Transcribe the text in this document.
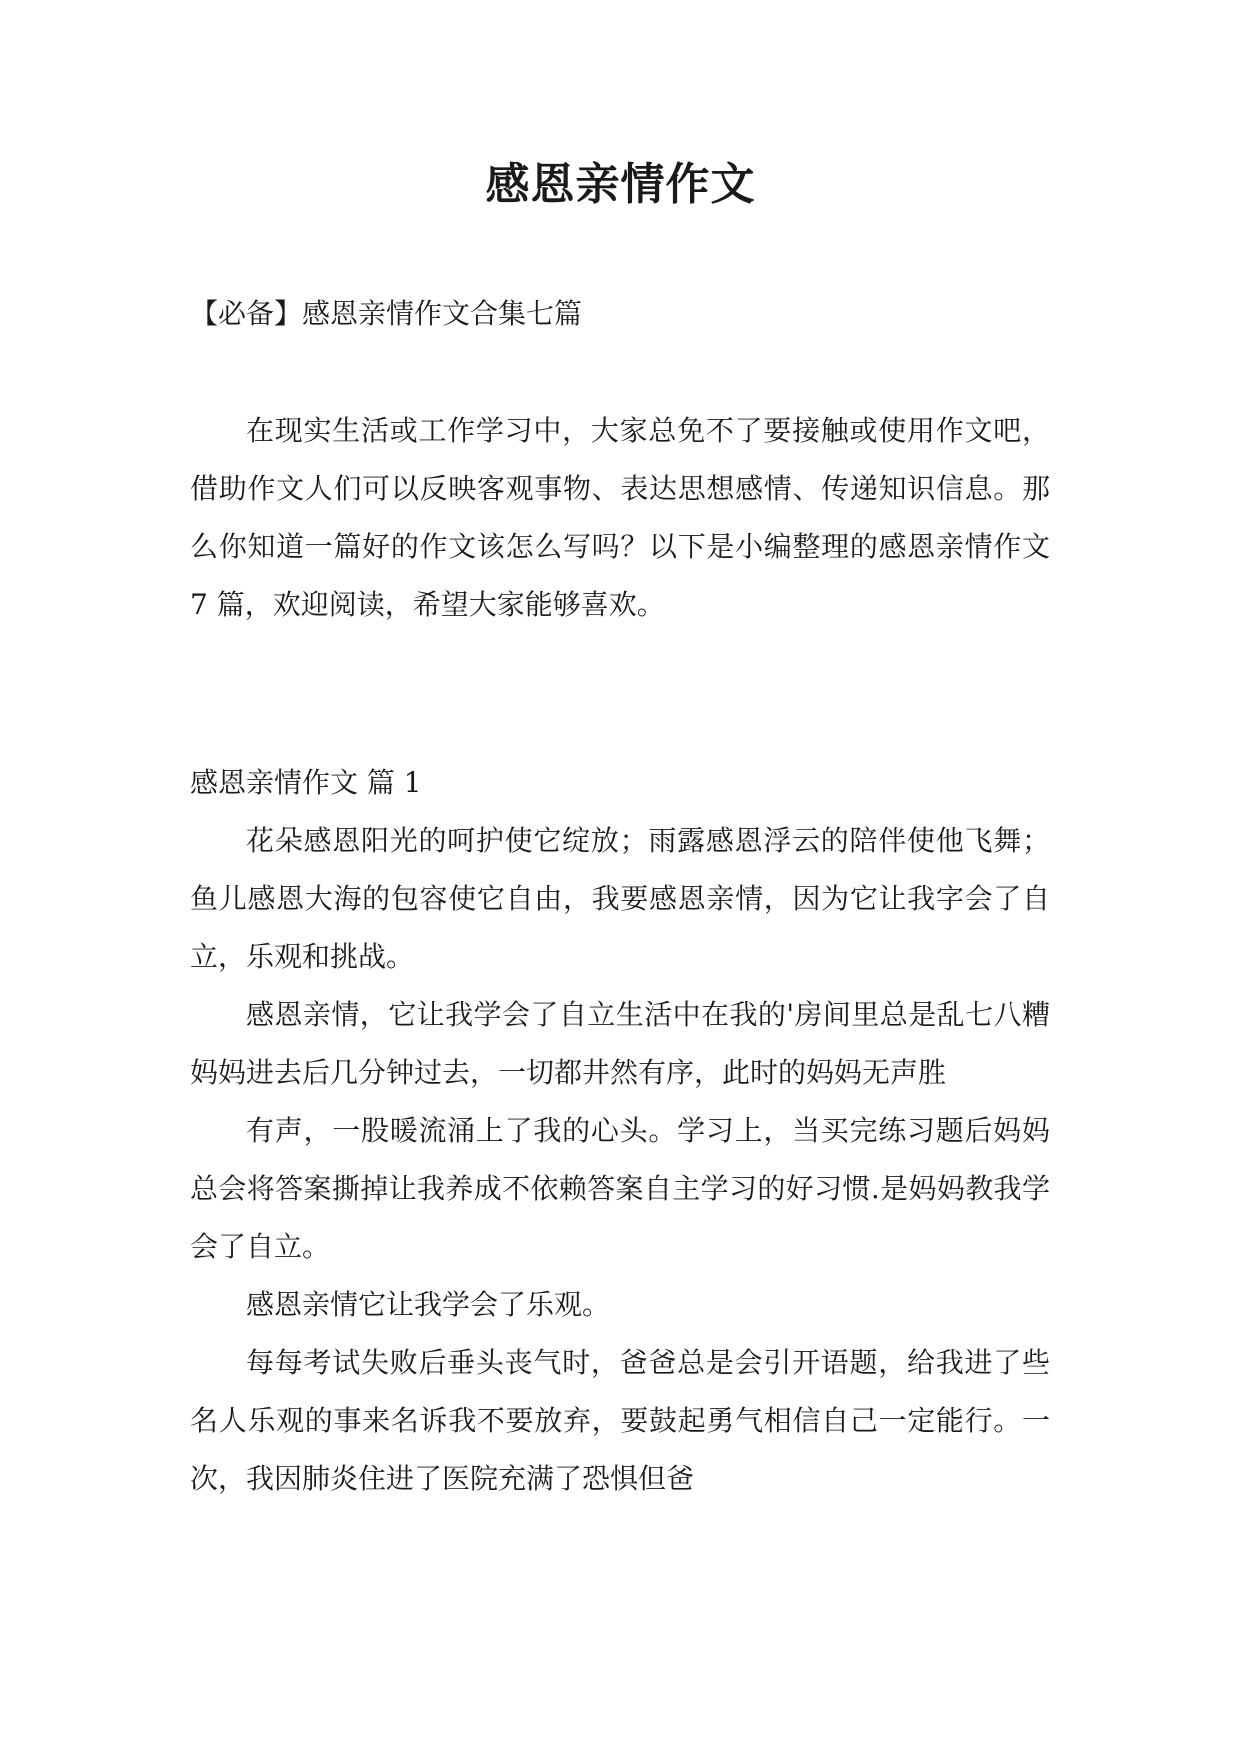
感恩亲情作文

【必备】感恩亲情作文合集七篇

在现实生活或工作学习中，大家总免不了要接触或使用作文吧，借助作文人们可以反映客观事物、表达思想感情、传递知识信息。那么你知道一篇好的作文该怎么写吗？以下是小编整理的感恩亲情作文 7 篇，欢迎阅读，希望大家能够喜欢。

感恩亲情作文 篇 1

花朵感恩阳光的呵护使它绽放；雨露感恩浮云的陪伴使他飞舞；鱼儿感恩大海的包容使它自由，我要感恩亲情，因为它让我字会了自立，乐观和挑战。

感恩亲情，它让我学会了自立生活中在我的'房间里总是乱七八糟妈妈进去后几分钟过去，一切都井然有序，此时的妈妈无声胜

有声，一股暖流涌上了我的心头。学习上，当买完练习题后妈妈总会将答案撕掉让我养成不依赖答案自主学习的好习惯.是妈妈教我学会了自立。

感恩亲情它让我学会了乐观。

每每考试失败后垂头丧气时，爸爸总是会引开语题，给我进了些名人乐观的事来名诉我不要放弃，要鼓起勇气相信自己一定能行。一次，我因肺炎住进了医院充满了恐惧但爸
